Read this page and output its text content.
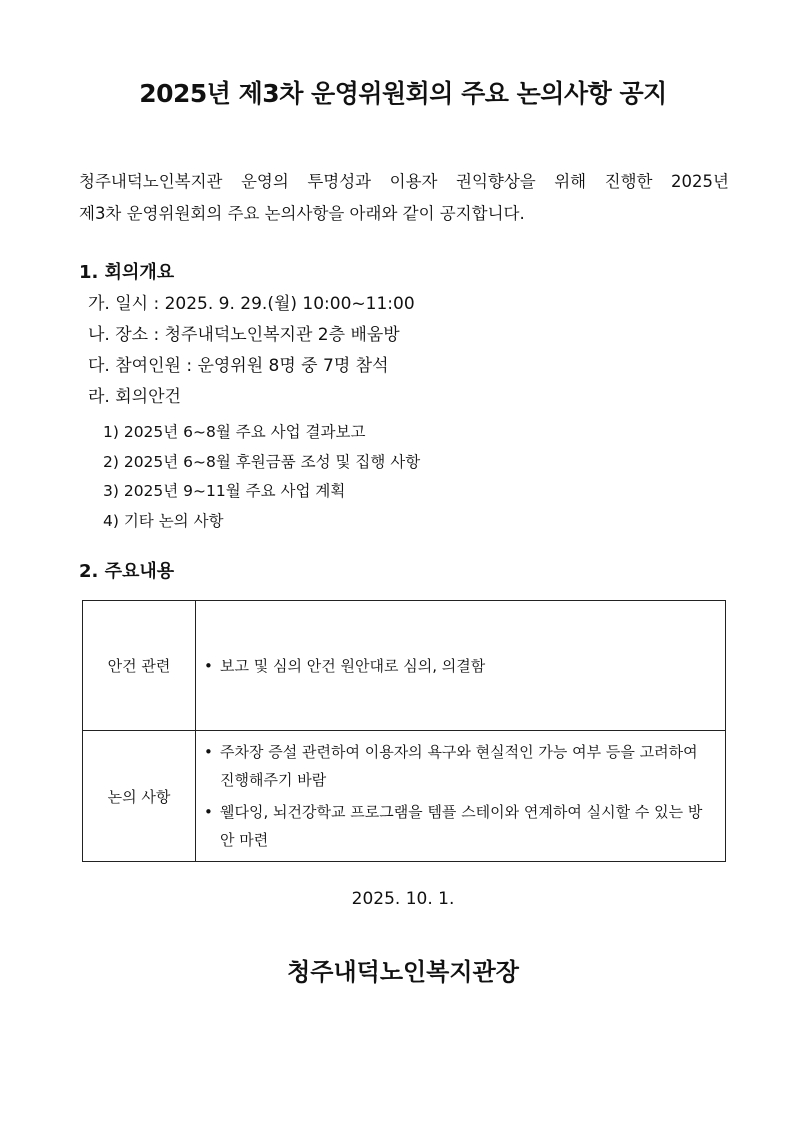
2025년 제3차 운영위원회의 주요 논의사항 공지
청주내덕노인복지관 운영의 투명성과 이용자 권익향상을 위해 진행한 2025년
제3차 운영위원회의 주요 논의사항을 아래와 같이 공지합니다.
1. 회의개요
가. 일시 : 2025. 9. 29.(월) 10:00~11:00
나. 장소 : 청주내덕노인복지관 2층 배움방
다. 참여인원 : 운영위원 8명 중 7명 참석
라. 회의안건
1) 2025년 6~8월 주요 사업 결과보고
2) 2025년 6~8월 후원금품 조성 및 집행 사항
3) 2025년 9~11월 주요 사업 계획
4) 기타 논의 사항
2. 주요내용
안건 관련	• 보고 및 심의 안건 원안대로 심의, 의결함

논의 사항	• 주차장 증설 관련하여 이용자의 욕구와 현실적인 가능 여부 등을 고려하여 진행해주기 바람
• 웰다잉, 뇌건강학교 프로그램을 템플 스테이와 연계하여 실시할 수 있는 방안 마련
2025. 10. 1.
청주내덕노인복지관장
